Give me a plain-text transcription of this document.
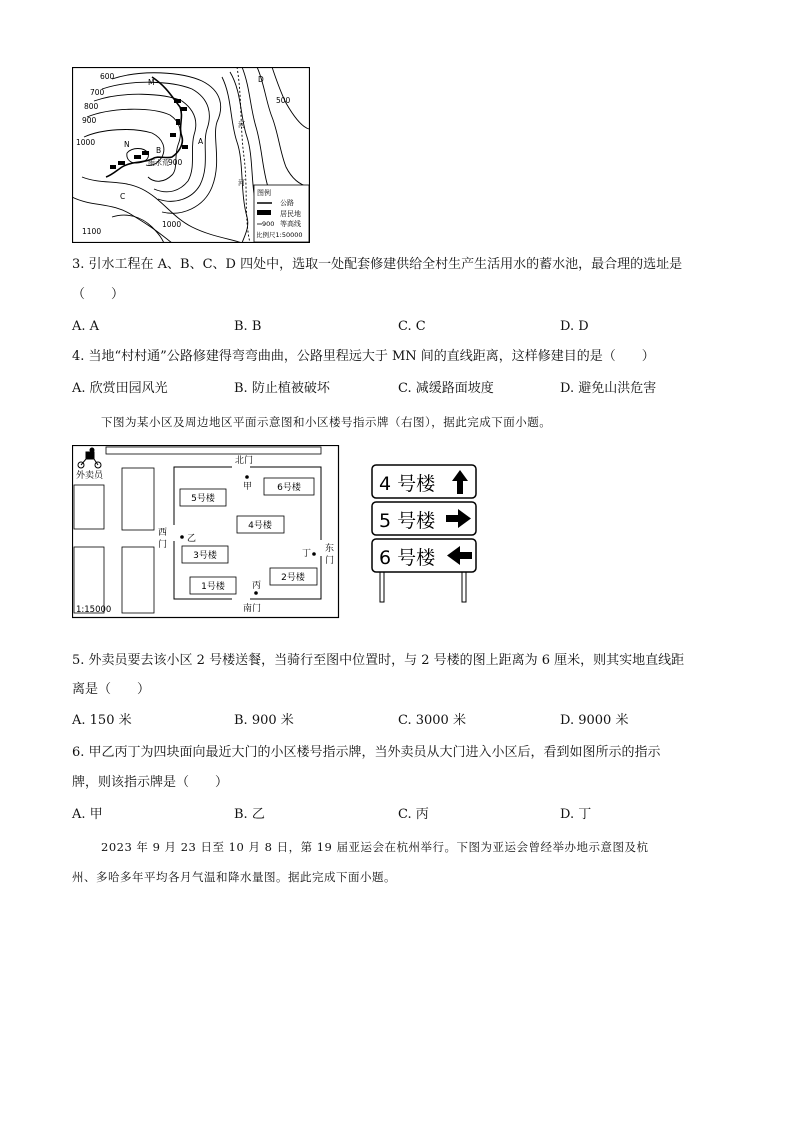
600
700
800
900
1000
500
900
1000
1100
M
N	A
B
C
D
雨水荒
河
河
图例
公路
居民地
900 等高线
比例尺1:50000
3. 引水工程在 A、B、C、D 四处中，选取一处配套修建供给全村生产生活用水的蓄水池，最合理的选址是
（　　）
A. A	B. B	C. C	D. D
4. 当地“村村通”公路修建得弯弯曲曲，公路里程远大于 MN 间的直线距离，这样修建目的是（　　）
A. 欣赏田园风光	B. 防止植被破坏	C. 减缓路面坡度	D. 避免山洪危害
下图为某小区及周边地区平面示意图和小区楼号指示牌（右图），据此完成下面小题。
5号楼
6号楼
4号楼
3号楼
2号楼
1号楼
北门
甲
西
门
乙
丁 东
门
丙
南门
外卖员
1:15000
4 号楼
5 号楼
6 号楼
5. 外卖员要去该小区 2 号楼送餐，当骑行至图中位置时，与 2 号楼的图上距离为 6 厘米，则其实地直线距
离是（　　）
A. 150 米	B. 900 米	C. 3000 米	D. 9000 米
6. 甲乙丙丁为四块面向最近大门的小区楼号指示牌，当外卖员从大门进入小区后，看到如图所示的指示
牌，则该指示牌是（　　）
A. 甲	B. 乙	C. 丙	D. 丁
2023 年 9 月 23 日至 10 月 8 日，第 19 届亚运会在杭州举行。下图为亚运会曾经举办地示意图及杭
州、多哈多年平均各月气温和降水量图。据此完成下面小题。
